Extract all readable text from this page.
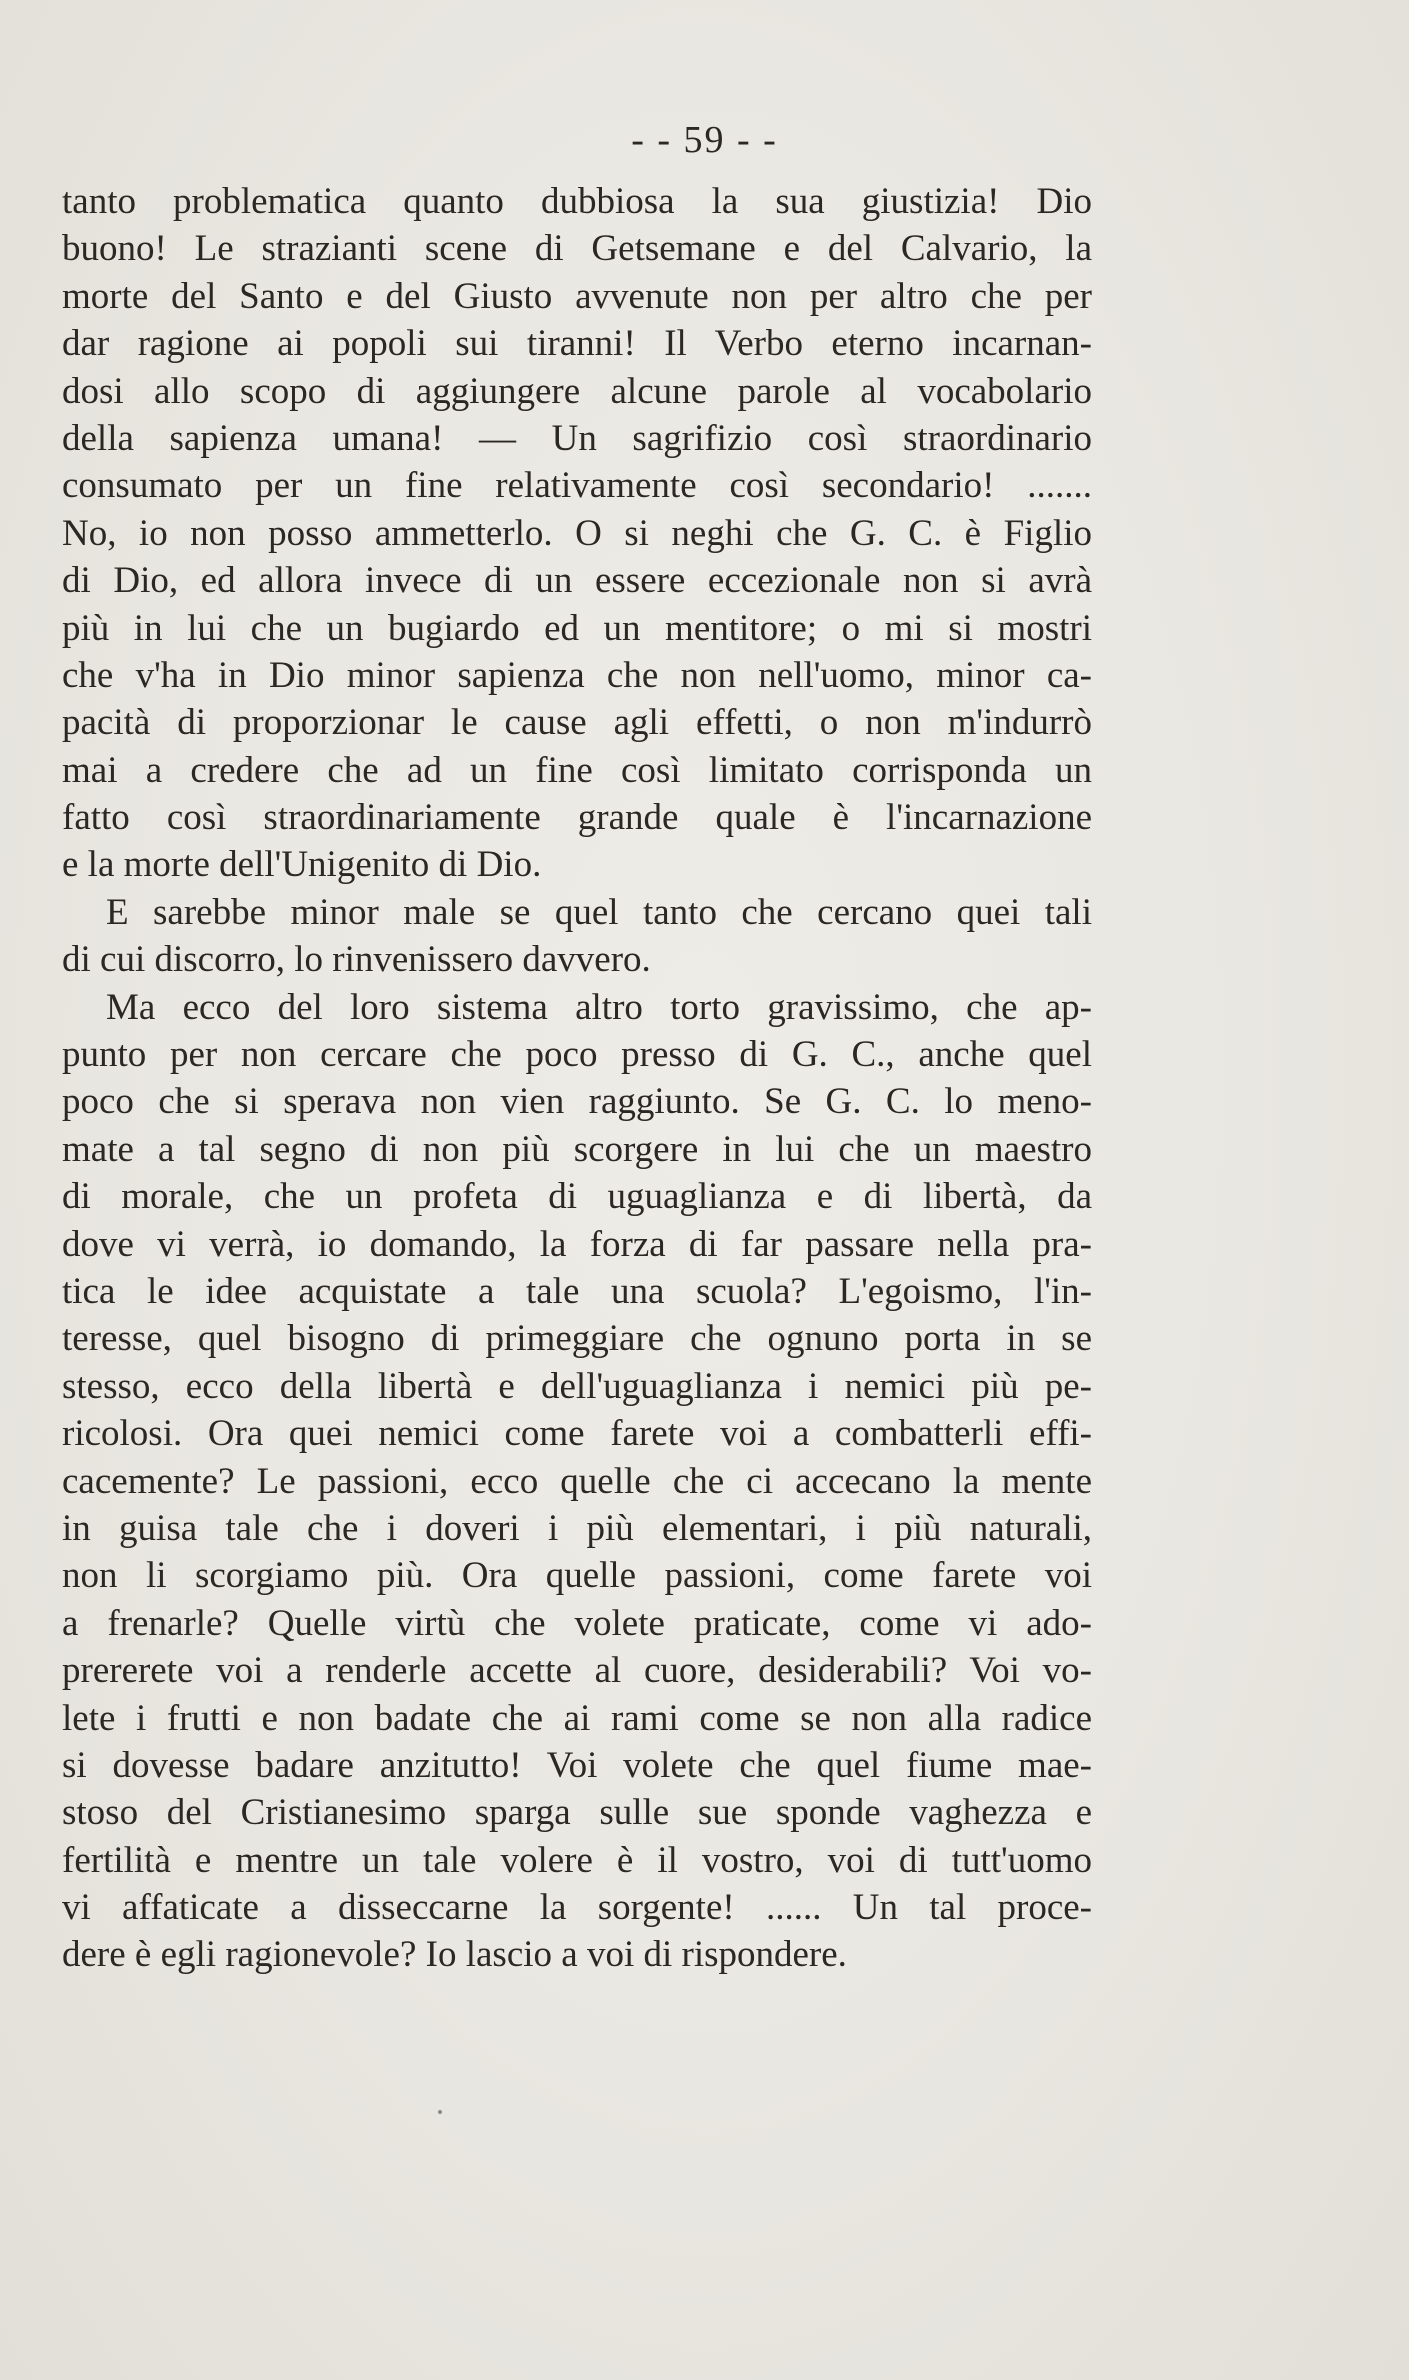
- - 59 - -
tanto problematica quanto dubbiosa la sua giustizia! Dio
buono! Le strazianti scene di Getsemane e del Calvario, la
morte del Santo e del Giusto avvenute non per altro che per
dar ragione ai popoli sui tiranni! Il Verbo eterno incarnan-
dosi allo scopo di aggiungere alcune parole al vocabolario
della sapienza umana! — Un sagrifizio così straordinario
consumato per un fine relativamente così secondario! .......
No, io non posso ammetterlo. O si neghi che G. C. è Figlio
di Dio, ed allora invece di un essere eccezionale non si avrà
più in lui che un bugiardo ed un mentitore; o mi si mostri
che v'ha in Dio minor sapienza che non nell'uomo, minor ca-
pacità di proporzionar le cause agli effetti, o non m'indurrò
mai a credere che ad un fine così limitato corrisponda un
fatto così straordinariamente grande quale è l'incarnazione
e la morte dell'Unigenito di Dio.
E sarebbe minor male se quel tanto che cercano quei tali
di cui discorro, lo rinvenissero davvero.
Ma ecco del loro sistema altro torto gravissimo, che ap-
punto per non cercare che poco presso di G. C., anche quel
poco che si sperava non vien raggiunto. Se G. C. lo meno-
mate a tal segno di non più scorgere in lui che un maestro
di morale, che un profeta di uguaglianza e di libertà, da
dove vi verrà, io domando, la forza di far passare nella pra-
tica le idee acquistate a tale una scuola? L'egoismo, l'in-
teresse, quel bisogno di primeggiare che ognuno porta in se
stesso, ecco della libertà e dell'uguaglianza i nemici più pe-
ricolosi. Ora quei nemici come farete voi a combatterli effi-
cacemente? Le passioni, ecco quelle che ci accecano la mente
in guisa tale che i doveri i più elementari, i più naturali,
non li scorgiamo più. Ora quelle passioni, come farete voi
a frenarle? Quelle virtù che volete praticate, come vi ado-
prererete voi a renderle accette al cuore, desiderabili? Voi vo-
lete i frutti e non badate che ai rami come se non alla radice
si dovesse badare anzitutto! Voi volete che quel fiume mae-
stoso del Cristianesimo sparga sulle sue sponde vaghezza e
fertilità e mentre un tale volere è il vostro, voi di tutt'uomo
vi affaticate a disseccarne la sorgente! ...... Un tal proce-
dere è egli ragionevole? Io lascio a voi di rispondere.
